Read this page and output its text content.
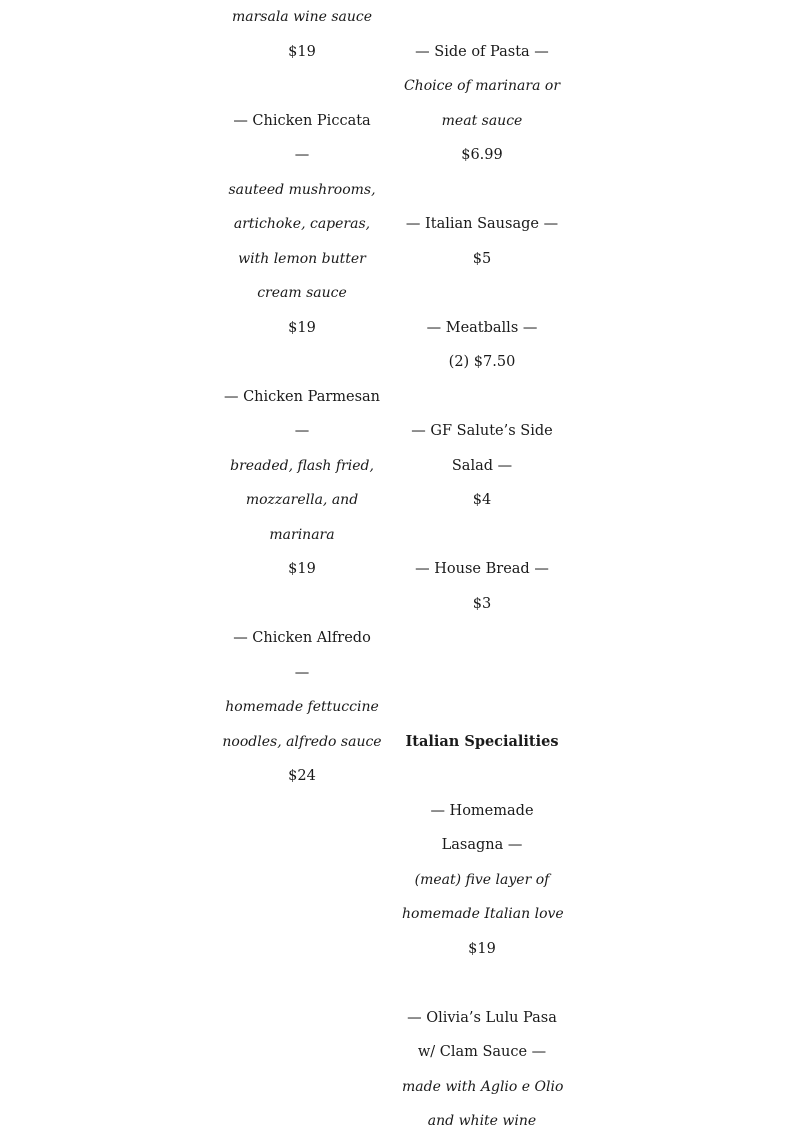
marsala wine sauce
$19
— Chicken Piccata
—
sauteed mushrooms,
artichoke, caperas,
with lemon butter
cream sauce
$19
— Chicken Parmesan
—
breaded, flash fried,
mozzarella, and
marinara
$19
— Chicken Alfredo
—
homemade fettuccine
noodles, alfredo sauce
$24
— Side of Pasta —
Choice of marinara or
meat sauce
$6.99
— Italian Sausage —
$5
— Meatballs —
(2) $7.50
— GF Salute’s Side
Salad —
$4
— House Bread —
$3
Italian Specialities
— Homemade
Lasagna —
(meat) five layer of
homemade Italian love
$19
— Olivia’s Lulu Pasa
w/ Clam Sauce —
made with Aglio e Olio
and white wine
